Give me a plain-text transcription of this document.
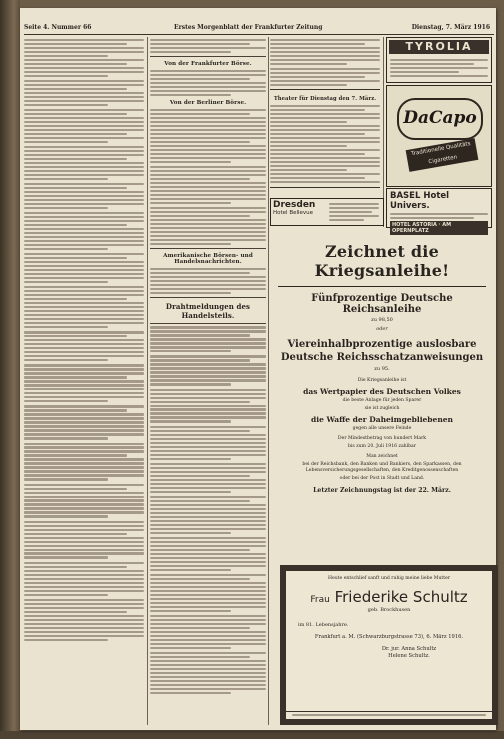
Seite 4. Nummer 66	Erstes Morgenblatt der Frankfurter Zeitung	Dienstag, 7. März 1916
Von der Frankfurter Börse.
Von der Berliner Börse.
Amerikanische Börsen- und Handelsnachrichten.
Drahtmeldungen des Handelsteils.
Theater für Dienstag den 7. März.
TYROLIA
DaCapo
Traditionelle Qualitäts Cigaretten
BASEL Hotel Univers.
HOTEL ASTORIA · AM OPERNPLATZ
Dresden
Hotel Bellevue
Zeichnet die Kriegsanleihe!
Fünfprozentige Deutsche Reichsanleihe
zu 98,50
oder
Viereinhalbprozentige auslosbare Deutsche Reichsschatzanweisungen
zu 95.
Die Kriegsanleihe ist
das Wertpapier des Deutschen Volkes
die beste Anlage für jeden Sparer
sie ist zugleich
die Waffe der Daheimgebliebenen
gegen alle unsere Feinde
Der Mindestbetrag von hundert Mark
bis zum 20. Juli 1916 zahlbar
Man zeichnet
bei der Reichsbank, den Banken und Bankiers, den Sparkassen, den Lebensversicherungsgesellschaften, den Kreditgenossenschaften
oder bei der Post in Stadt und Land.
Letzter Zeichnungstag ist der 22. März.
Heute entschlief sanft und ruhig meine liebe Mutter
Frau Friederike Schultz
geb. Brockhusen
im 81. Lebensjahre.
Frankfurt a. M. (Schwarzburgstrasse 73), 6. März 1916.
Dr. jur. Anna Schultz
Helene Schultz.
